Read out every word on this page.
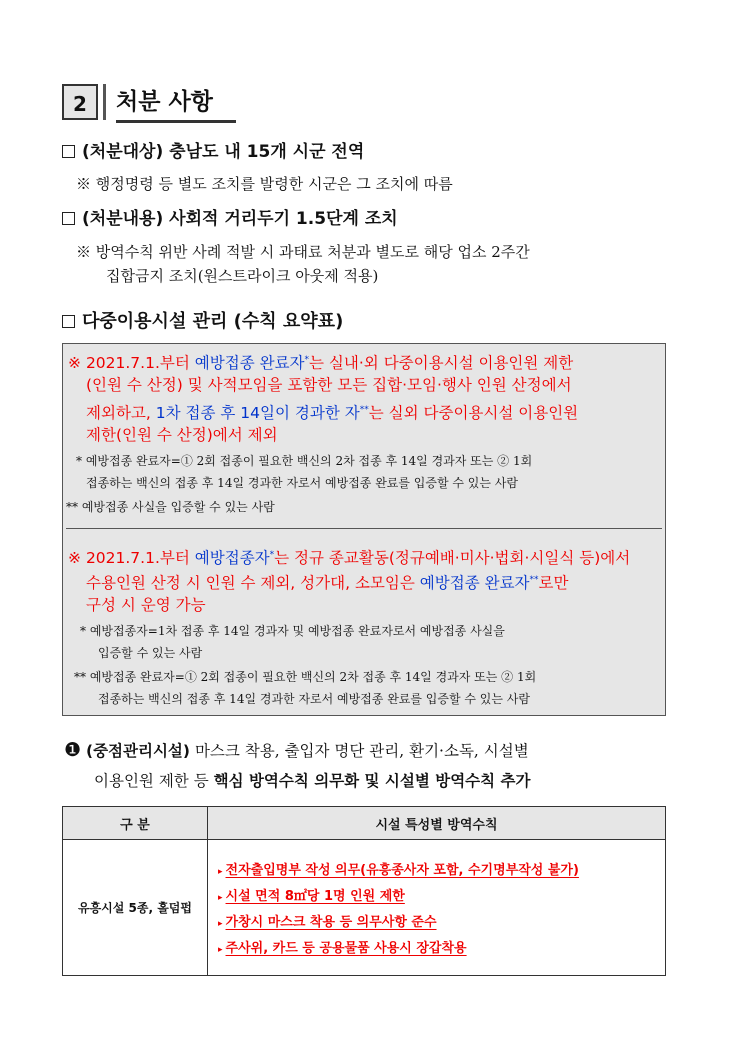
2	처분 사항
(처분대상) 충남도 내 15개 시군 전역
※ 행정명령 등 별도 조치를 발령한 시군은 그 조치에 따름
(처분내용) 사회적 거리두기 1.5단계 조치
※ 방역수칙 위반 사례 적발 시 과태료 처분과 별도로 해당 업소 2주간
집합금지 조치(원스트라이크 아웃제 적용)
다중이용시설 관리 (수칙 요약표)
※ 2021.7.1.부터 예방접종 완료자*는 실내·외 다중이용시설 이용인원 제한
(인원 수 산정) 및 사적모임을 포함한 모든 집합·모임·행사 인원 산정에서
제외하고, 1차 접종 후 14일이 경과한 자**는 실외 다중이용시설 이용인원
제한(인원 수 산정)에서 제외
* 예방접종 완료자=① 2회 접종이 필요한 백신의 2차 접종 후 14일 경과자 또는 ② 1회
접종하는 백신의 접종 후 14일 경과한 자로서 예방접종 완료를 입증할 수 있는 사람
** 예방접종 사실을 입증할 수 있는 사람
※ 2021.7.1.부터 예방접종자*는 정규 종교활동(정규예배·미사·법회·시일식 등)에서
수용인원 산정 시 인원 수 제외, 성가대, 소모임은 예방접종 완료자**로만
구성 시 운영 가능
* 예방접종자=1차 접종 후 14일 경과자 및 예방접종 완료자로서 예방접종 사실을
입증할 수 있는 사람
** 예방접종 완료자=① 2회 접종이 필요한 백신의 2차 접종 후 14일 경과자 또는 ② 1회
접종하는 백신의 접종 후 14일 경과한 자로서 예방접종 완료를 입증할 수 있는 사람
❶ (중점관리시설) 마스크 착용, 출입자 명단 관리, 환기·소독, 시설별
이용인원 제한 등 핵심 방역수칙 의무화 및 시설별 방역수칙 추가
구 분	시설 특성별 방역수칙
유흥시설 5종, 홀덤펍	▸ 전자출입명부 작성 의무(유흥종사자 포함, 수기명부작성 불가)
▸ 시설 면적 8㎡당 1명 인원 제한
▸ 가창시 마스크 착용 등 의무사항 준수
▸ 주사위, 카드 등 공용물품 사용시 장갑착용
